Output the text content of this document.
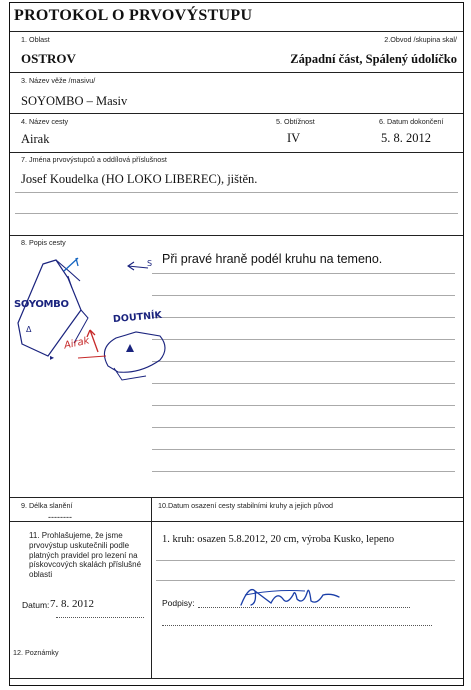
PROTOKOL O PRVOVÝSTUPU
1. Oblast
OSTROV
2.Obvod /skupina skal/
Západní část, Spálený údolíčko
3. Název věže /masivu/
SOYOMBO – Masiv
4. Název cesty
Airak
5. Obtížnost
IV
6. Datum dokončení
5. 8. 2012
7. Jména prvovýstupců a oddílová příslušnost
Josef Koudelka (HO LOKO LIBEREC), jištěn.
8. Popis cesty
Při pravé hraně podél kruhu na temeno.
Δ
▸
SOYOMBO
DOUTNÍK
Airak
S
9. Délka slanění
--------
10.Datum osazení cesty stabilními kruhy a jejich původ
11. Prohlašujeme, že jsme prvovýstup uskutečnili podle platných pravidel pro lezení na pískovcových skalách příslušné oblasti
1. kruh: osazen 5.8.2012, 20 cm, výroba Kusko, lepeno
Datum: 7. 8. 2012	Podpisy:
12. Poznámky
